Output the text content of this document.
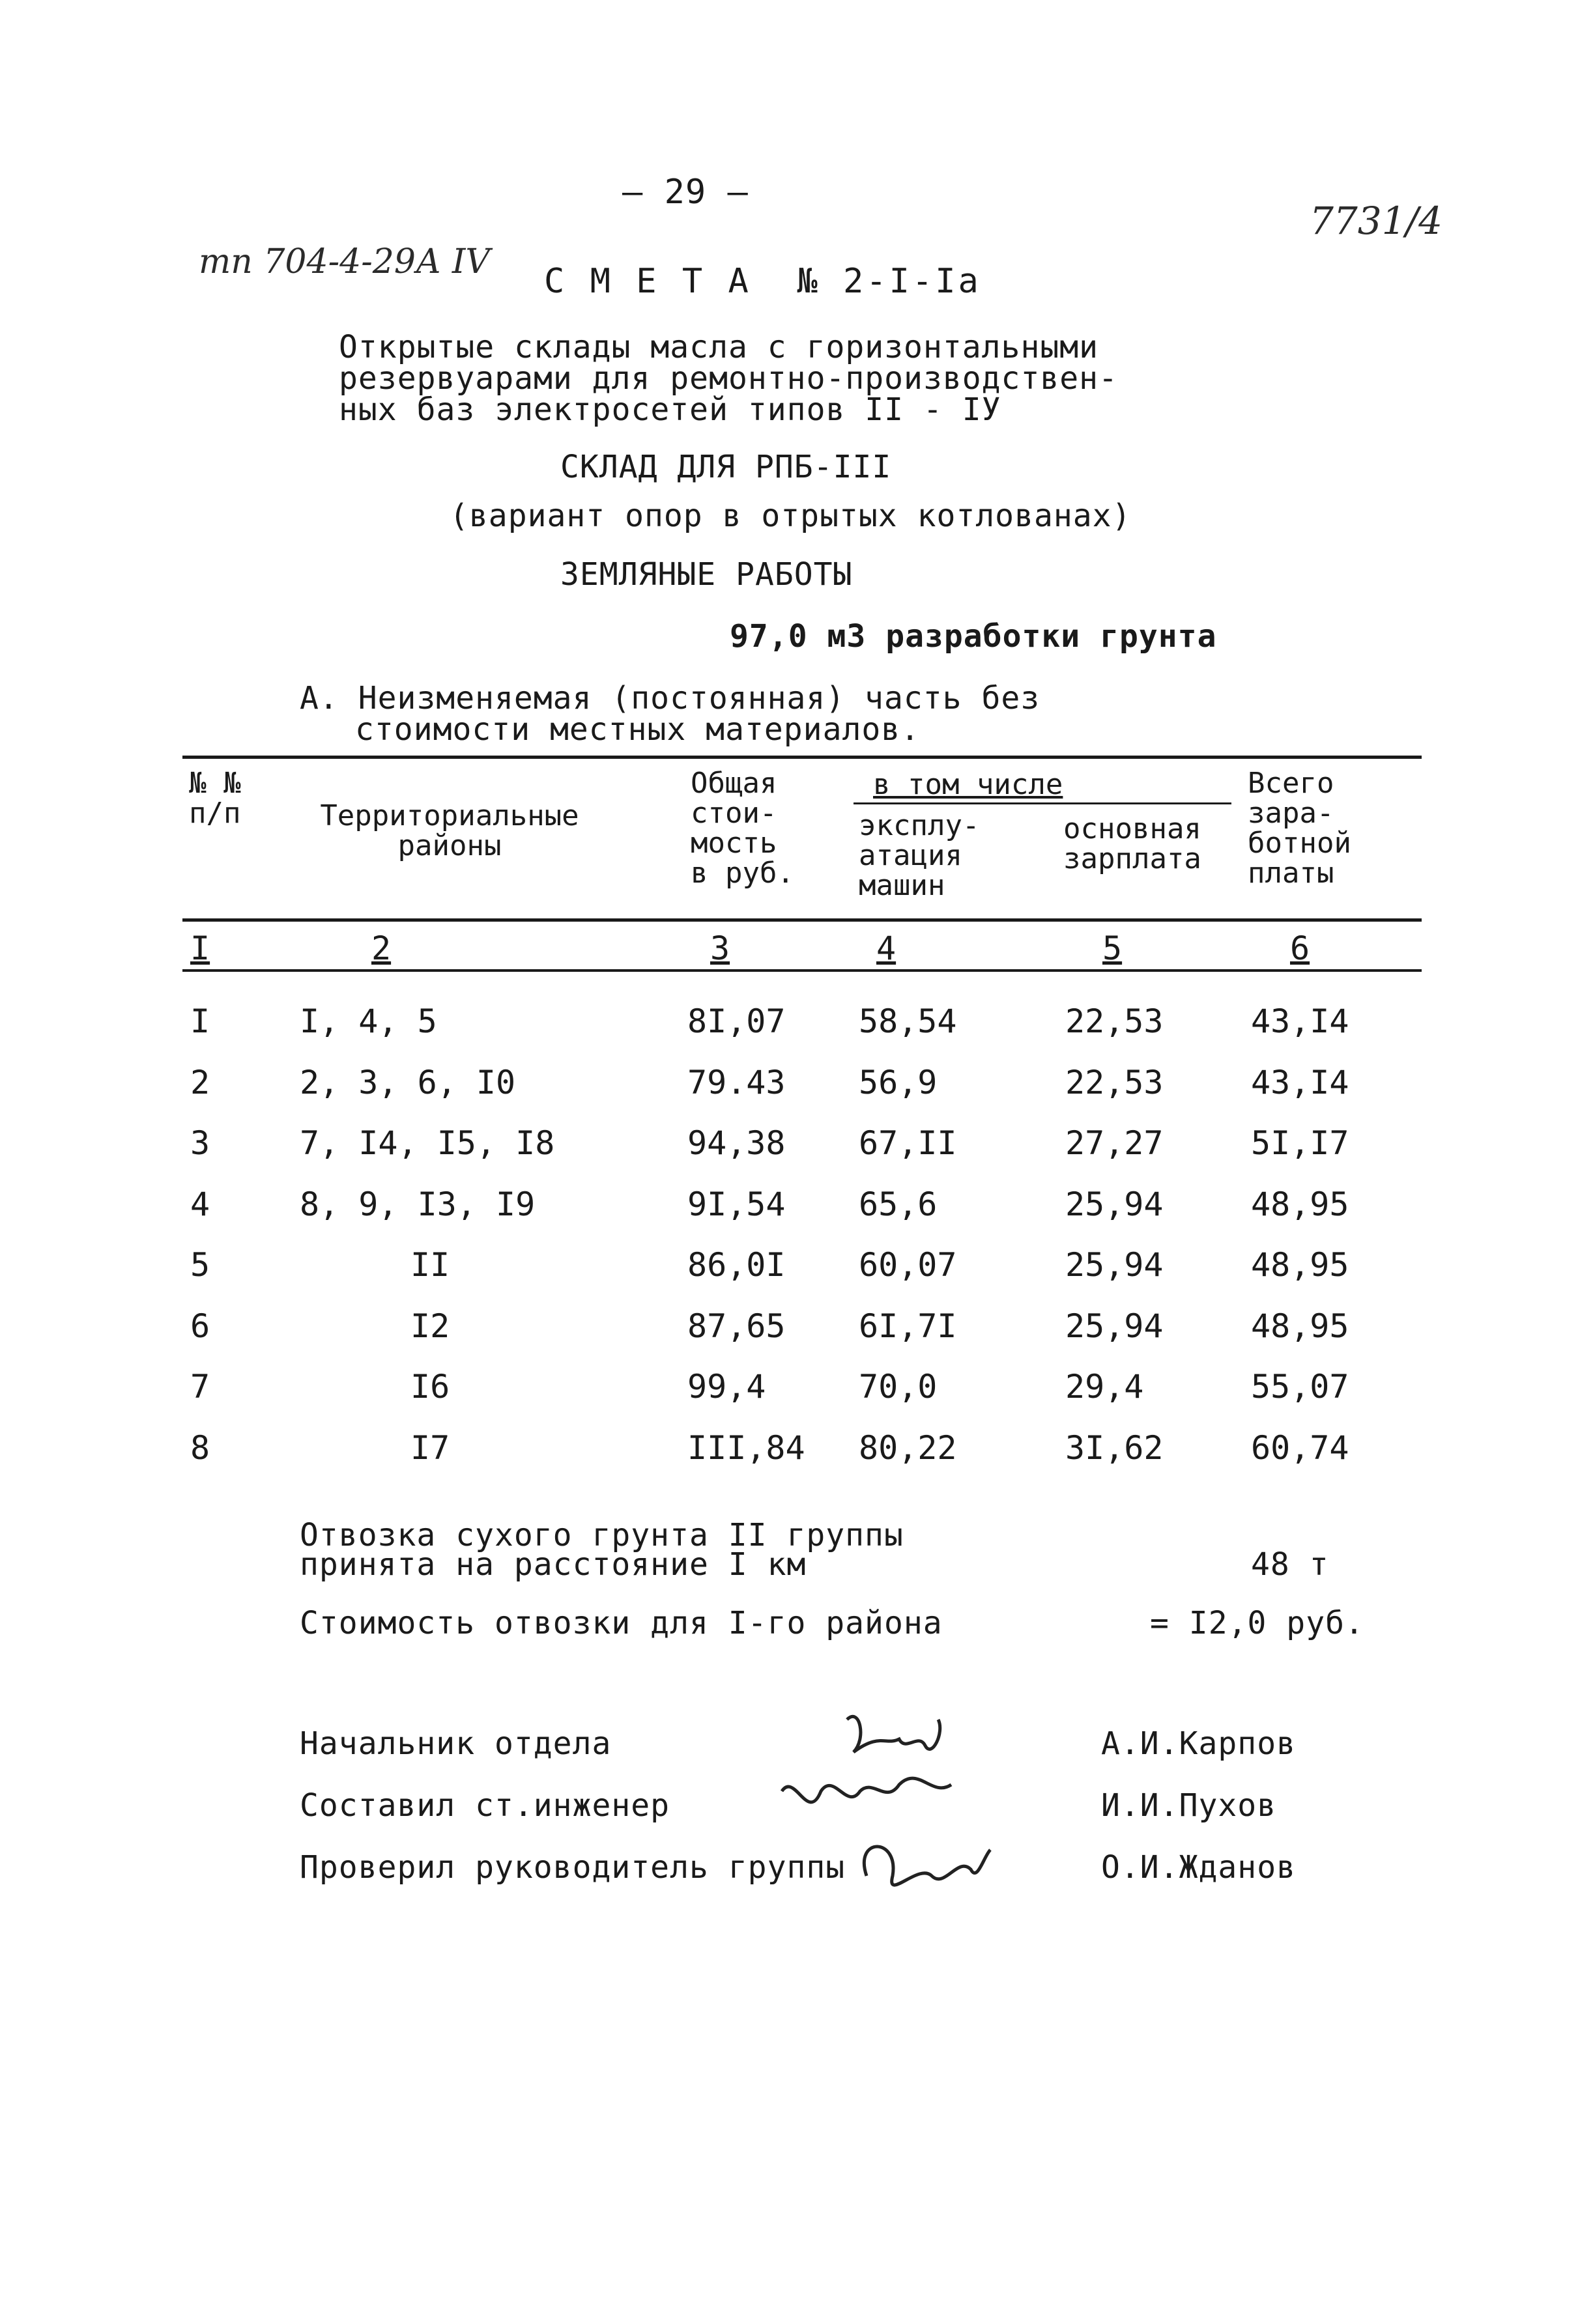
— 29 —
7731/4
тп 704-4-29А IV С М Е Т А  № 2-I-Iа
Открытые склады масла с горизонтальными
резервуарами для ремонтно-производствен-
ных баз электросетей типов II - IУ
СКЛАД ДЛЯ РПБ-III
(вариант опор в отрытых котлованах)
ЗЕМЛЯНЫЕ РАБОТЫ
97,0 м3 разработки грунта
А. Неизменяемая (постоянная) часть без
стоимости местных материалов.
№ №
п/п	Территориальные
районы
Общая
стои-
мость
в руб.
в том числе
эксплу-
атация
машин
основная
зарплата
Всего
зара-
ботной
платы
I	2	3	4	5	6
I	I, 4, 5	8I,07 58,54	22,53	43,I4
2	2, 3, 6, I0	79.43 56,9	22,53	43,I4
3	7, I4, I5, I8	94,38 67,II	27,27	5I,I7
4	8, 9, I3, I9	9I,54 65,6	25,94	48,95
5	II	86,0I 60,07	25,94	48,95
6	I2	87,65 6I,7I	25,94	48,95
7	I6	99,4	70,0	29,4	55,07
8	I7	III,84 80,22	3I,62	60,74
Отвозка сухого грунта II группы
принята на расстояние I км	48 т
Стоимость отвозки для I-го района	= I2,0 руб.
Начальник отдела	А.И.Карпов
Составил ст.инженер	И.И.Пухов
Проверил руководитель группы	О.И.Жданов
